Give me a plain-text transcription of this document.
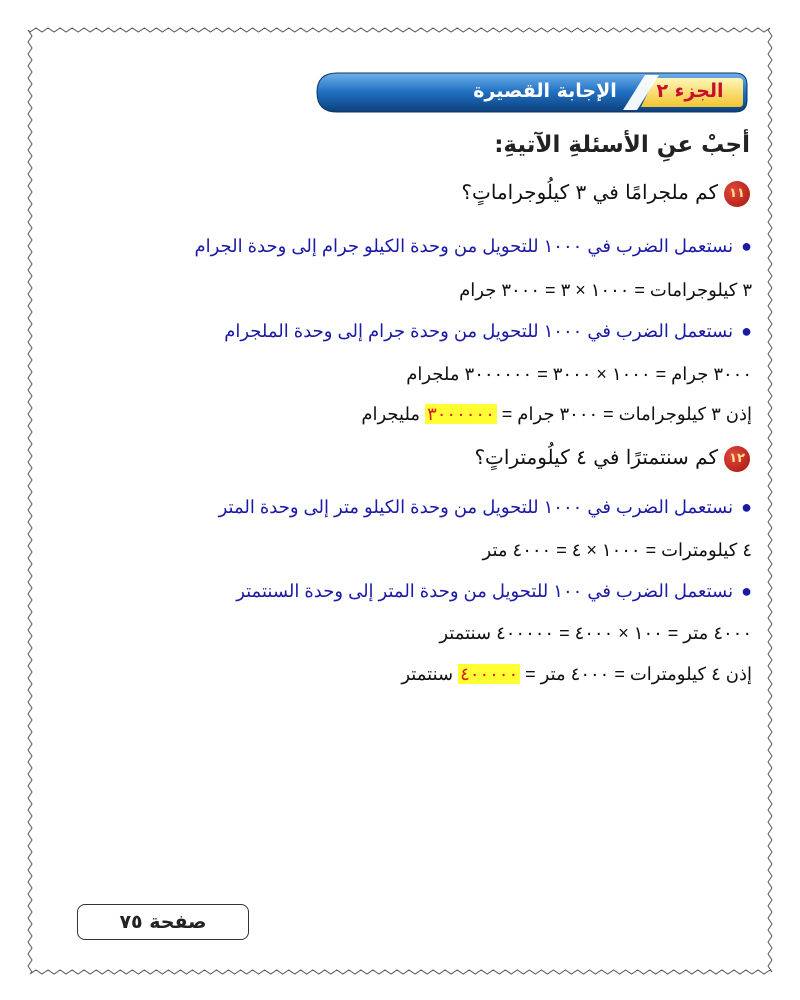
الجزء ٢
الإجابة القصيرة
أجبْ عنِ الأسئلةِ الآتيةِ:
١١كم ملجرامًا في ٣ كيلُوجراماتٍ؟
●نستعمل الضرب في ١٠٠٠ للتحويل من وحدة الكيلو جرام إلى وحدة الجرام
٣ كيلوجرامات = ١٠٠٠ × ٣ = ٣٠٠٠ جرام
●نستعمل الضرب في ١٠٠٠ للتحويل من وحدة جرام إلى وحدة الملجرام
٣٠٠٠ جرام = ١٠٠٠ × ٣٠٠٠ = ٣٠٠٠٠٠٠ ملجرام
إذن ٣ كيلوجرامات = ٣٠٠٠ جرام = ٣٠٠٠٠٠٠ مليجرام
١٢كم سنتمترًا في ٤ كيلُومتراتٍ؟
●نستعمل الضرب في ١٠٠٠ للتحويل من وحدة الكيلو متر إلى وحدة المتر
٤ كيلومترات = ١٠٠٠ × ٤ = ٤٠٠٠ متر
●نستعمل الضرب في ١٠٠ للتحويل من وحدة المتر إلى وحدة السنتمتر
٤٠٠٠ متر = ١٠٠ × ٤٠٠٠ = ٤٠٠٠٠٠ سنتمتر
إذن ٤ كيلومترات = ٤٠٠٠ متر = ٤٠٠٠٠٠ سنتمتر
صفحة ٧٥
